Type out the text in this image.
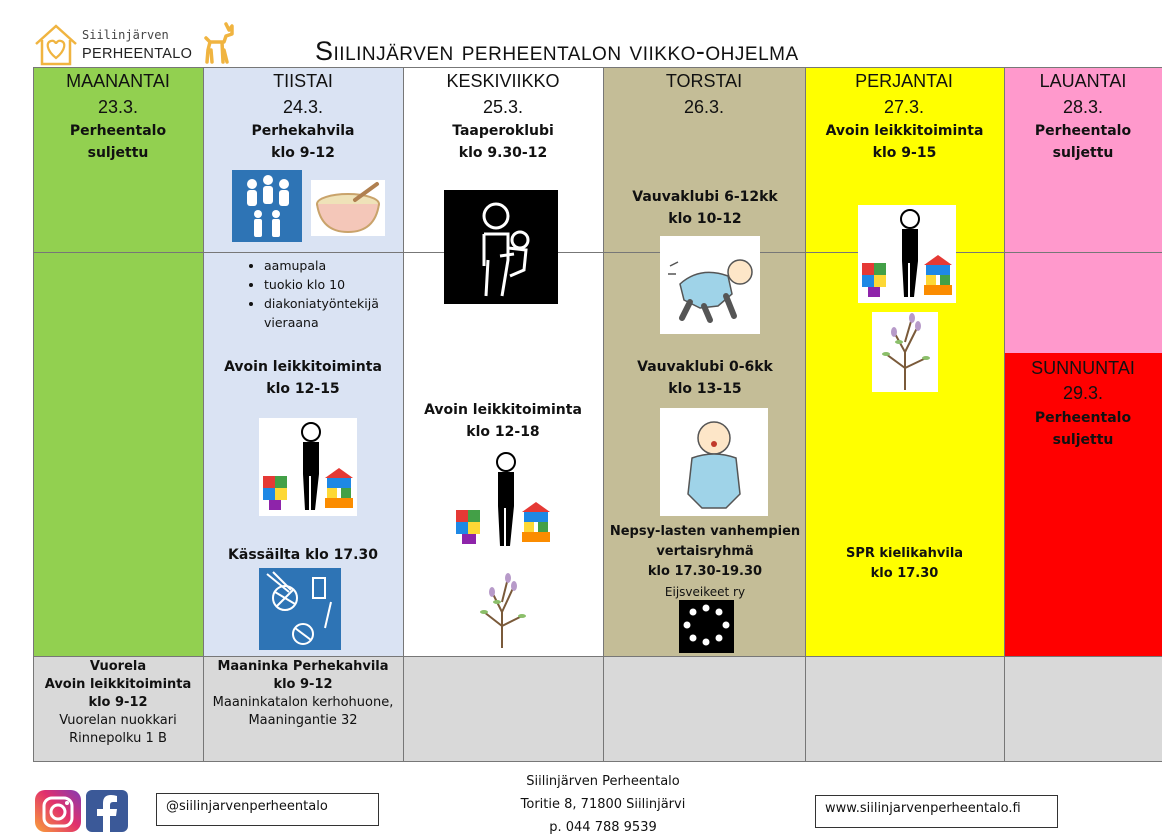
Siilinjärven
PERHEENTALO	Siilinjärven perheentalon viikko-ohjelma
MAANANTAI
23.3.
TIISTAI
24.3.
KESKIVIIKKO
25.3.
TORSTAI
26.3.
PERJANTAI
27.3.
LAUANTAI
28.3.
SUNNUNTAI
29.3.
Perheentalo
suljettu
Vuorela
Avoin leikkitoiminta
klo 9-12
Vuorelan nuokkari
Rinnepolku 1 B
Perhekahvila
klo 9-12
• aamupala
• tuokio klo 10
• diakoniatyöntekijä vieraana
Avoin leikkitoiminta
klo 12-15
Kässäilta klo 17.30
Maaninka Perhekahvila
klo 9-12
Maaninkatalon kerhohuone,
Maaningantie 32
Taaperoklubi
klo 9.30-12
Avoin leikkitoiminta
klo 12-18
Vauvaklubi 6-12kk
klo 10-12
Vauvaklubi 0-6kk
klo 13-15
Nepsy-lasten vanhempien
vertaisryhmä
klo 17.30-19.30
Eijsveikeet ry
Avoin leikkitoiminta
klo 9-15
SPR kielikahvila
klo 17.30
Perheentalo
suljettu
Perheentalo
suljettu
@siilinjarvenperheentalo
Siilinjärven Perheentalo
Toritie 8, 71800 Siilinjärvi
p. 044 788 9539
www.siilinjarvenperheentalo.fi
